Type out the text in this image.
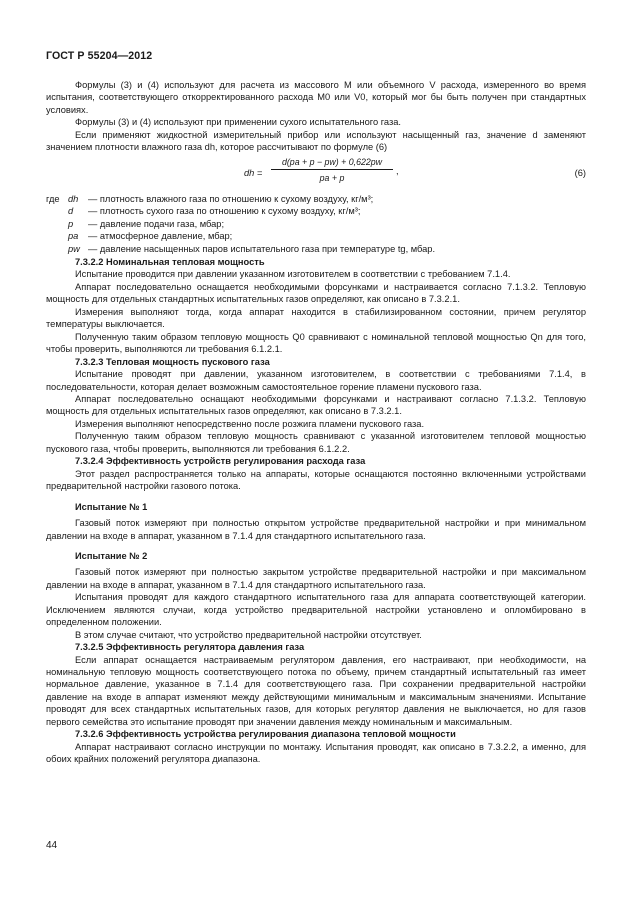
ГОСТ Р 55204—2012

Формулы (3) и (4) используют для расчета из массового M или объемного V расхода, измеренного во время испытания, соответствующего откорректированного расхода M0 или V0, который мог бы быть получен при стандартных условиях.

Формулы (3) и (4) используют при применении сухого испытательного газа.

Если применяют жидкостной измерительный прибор или используют насыщенный газ, значение d заменяют значением плотности влажного газа dh, которое рассчитывают по формуле (6)

dh = $\frac{d(pa + p - pw) + 0,622pw}{pa + p}$ ,	(6)
где dh	— плотность влажного газа по отношению к сухому воздуху, кг/м³;
d	— плотность сухого газа по отношению к сухому воздуху, кг/м³;
p	— давление подачи газа, мбар;
pa	— атмосферное давление, мбар;
pw — давление насыщенных паров испытательного газа при температуре tg, мбар.

7.3.2.2 Номинальная тепловая мощность

Испытание проводится при давлении указанном изготовителем в соответствии с требованием 7.1.4.

Аппарат последовательно оснащается необходимыми форсунками и настраивается согласно 7.1.3.2. Тепловую мощность для отдельных стандартных испытательных газов определяют, как описано в 7.3.2.1.

Измерения выполняют тогда, когда аппарат находится в стабилизированном состоянии, причем регулятор температуры выключается.

Полученную таким образом тепловую мощность Q0 сравнивают с номинальной тепловой мощностью Qn для того, чтобы проверить, выполняются ли требования 6.1.2.1.

7.3.2.3 Тепловая мощность пускового газа

Испытание проводят при давлении, указанном изготовителем, в соответствии с требованиями 7.1.4, в последовательности, которая делает возможным самостоятельное горение пламени пускового газа.

Аппарат последовательно оснащают необходимыми форсунками и настраивают согласно 7.1.3.2. Тепловую мощность для отдельных испытательных газов определяют, как описано в 7.3.2.1.

Измерения выполняют непосредственно после розжига пламени пускового газа.

Полученную таким образом тепловую мощность сравнивают с указанной изготовителем тепловой мощностью пускового газа, чтобы проверить, выполняются ли требования 6.1.2.2.

7.3.2.4 Эффективность устройств регулирования расхода газа

Этот раздел распространяется только на аппараты, которые оснащаются постоянно включенными устройствами предварительной настройки газового потока.

Испытание № 1

Газовый поток измеряют при полностью открытом устройстве предварительной настройки и при минимальном давлении на входе в аппарат, указанном в 7.1.4 для стандартного испытательного газа.

Испытание № 2

Газовый поток измеряют при полностью закрытом устройстве предварительной настройки и при максимальном давлении на входе в аппарат, указанном в 7.1.4 для стандартного испытательного газа.

Испытания проводят для каждого стандартного испытательного газа для аппарата соответствующей категории. Исключением являются случаи, когда устройство предварительной настройки установлено и опломбировано в определенном положении.

В этом случае считают, что устройство предварительной настройки отсутствует.

7.3.2.5 Эффективность регулятора давления газа

Если аппарат оснащается настраиваемым регулятором давления, его настраивают, при необходимости, на номинальную тепловую мощность соответствующего потока по объему, причем стандартный испытательный газ имеет нормальное давление, указанное в 7.1.4 для соответствующего газа. При сохранении предварительной настройки давление на входе в аппарат изменяют между действующими минимальным и максимальным значениями. Испытание проводят для всех стандартных испытательных газов, для которых регулятор давления не выключается, но для газов первого семейства это испытание проводят при значении давления между номинальным и максимальным.

7.3.2.6 Эффективность устройства регулирования диапазона тепловой мощности

Аппарат настраивают согласно инструкции по монтажу. Испытания проводят, как описано в 7.3.2.2, а именно, для обоих крайних положений регулятора диапазона.

44
